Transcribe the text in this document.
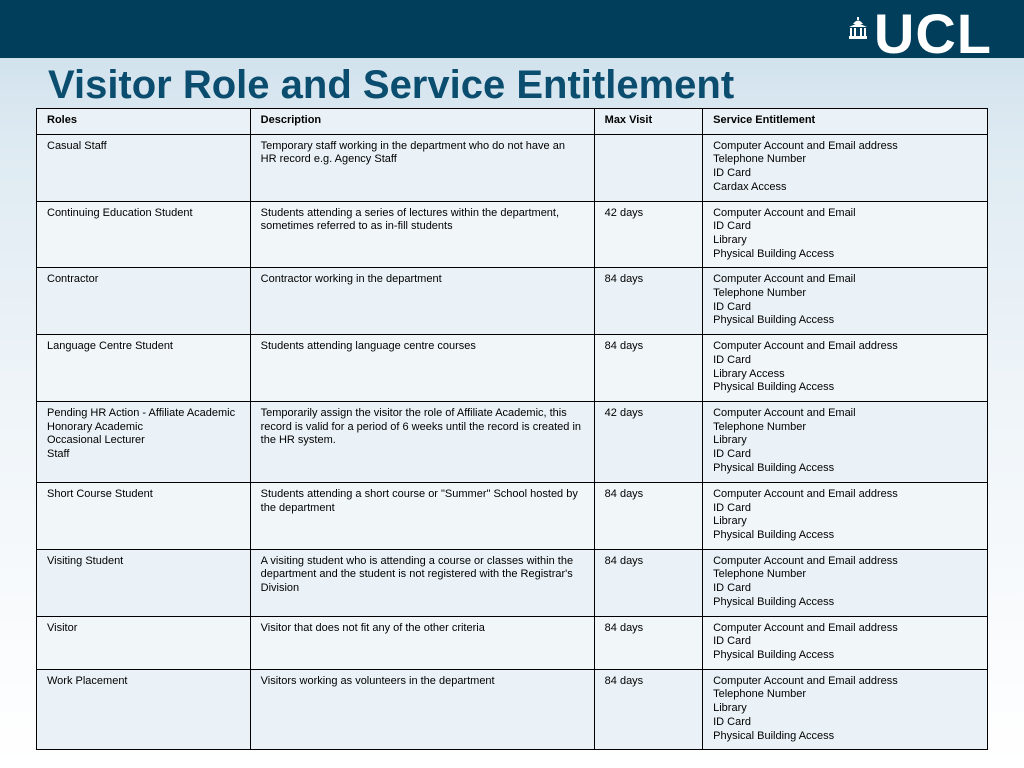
UCL
Visitor Role and Service Entitlement
Roles	Description	Max Visit	Service Entitlement
Casual Staff	Temporary staff working in the department who do not have an HR record e.g. Agency Staff		Computer Account and Email address
Telephone Number
ID Card
Cardax Access
Continuing Education Student	Students attending a series of lectures within the department, sometimes referred to as in-fill students	42 days	Computer Account and Email
ID Card
Library
Physical Building Access
Contractor	Contractor working in the department	84 days	Computer Account and Email
Telephone Number
ID Card
Physical Building Access
Language Centre Student	Students attending language centre courses	84 days	Computer Account and Email address
ID Card
Library Access
Physical Building Access
Pending HR Action - Affiliate Academic
Honorary Academic
Occasional Lecturer
Staff	Temporarily assign the visitor the role of Affiliate Academic, this record is valid for a period of 6 weeks until the record is created in the HR system.	42 days	Computer Account and Email
Telephone Number
Library
ID Card
Physical Building Access
Short Course Student	Students attending a short course or "Summer" School hosted by the department	84 days	Computer Account and Email address
ID Card
Library
Physical Building Access
Visiting Student	A visiting student who is attending a course or classes within the department and the student is not registered with the Registrar's Division	84 days	Computer Account and Email address
Telephone Number
ID Card
Physical Building Access
Visitor	Visitor that does not fit any of the other criteria	84 days	Computer Account and Email address
ID Card
Physical Building Access
Work Placement	Visitors working as volunteers in the department	84 days	Computer Account and Email address
Telephone Number
Library
ID Card
Physical Building Access
